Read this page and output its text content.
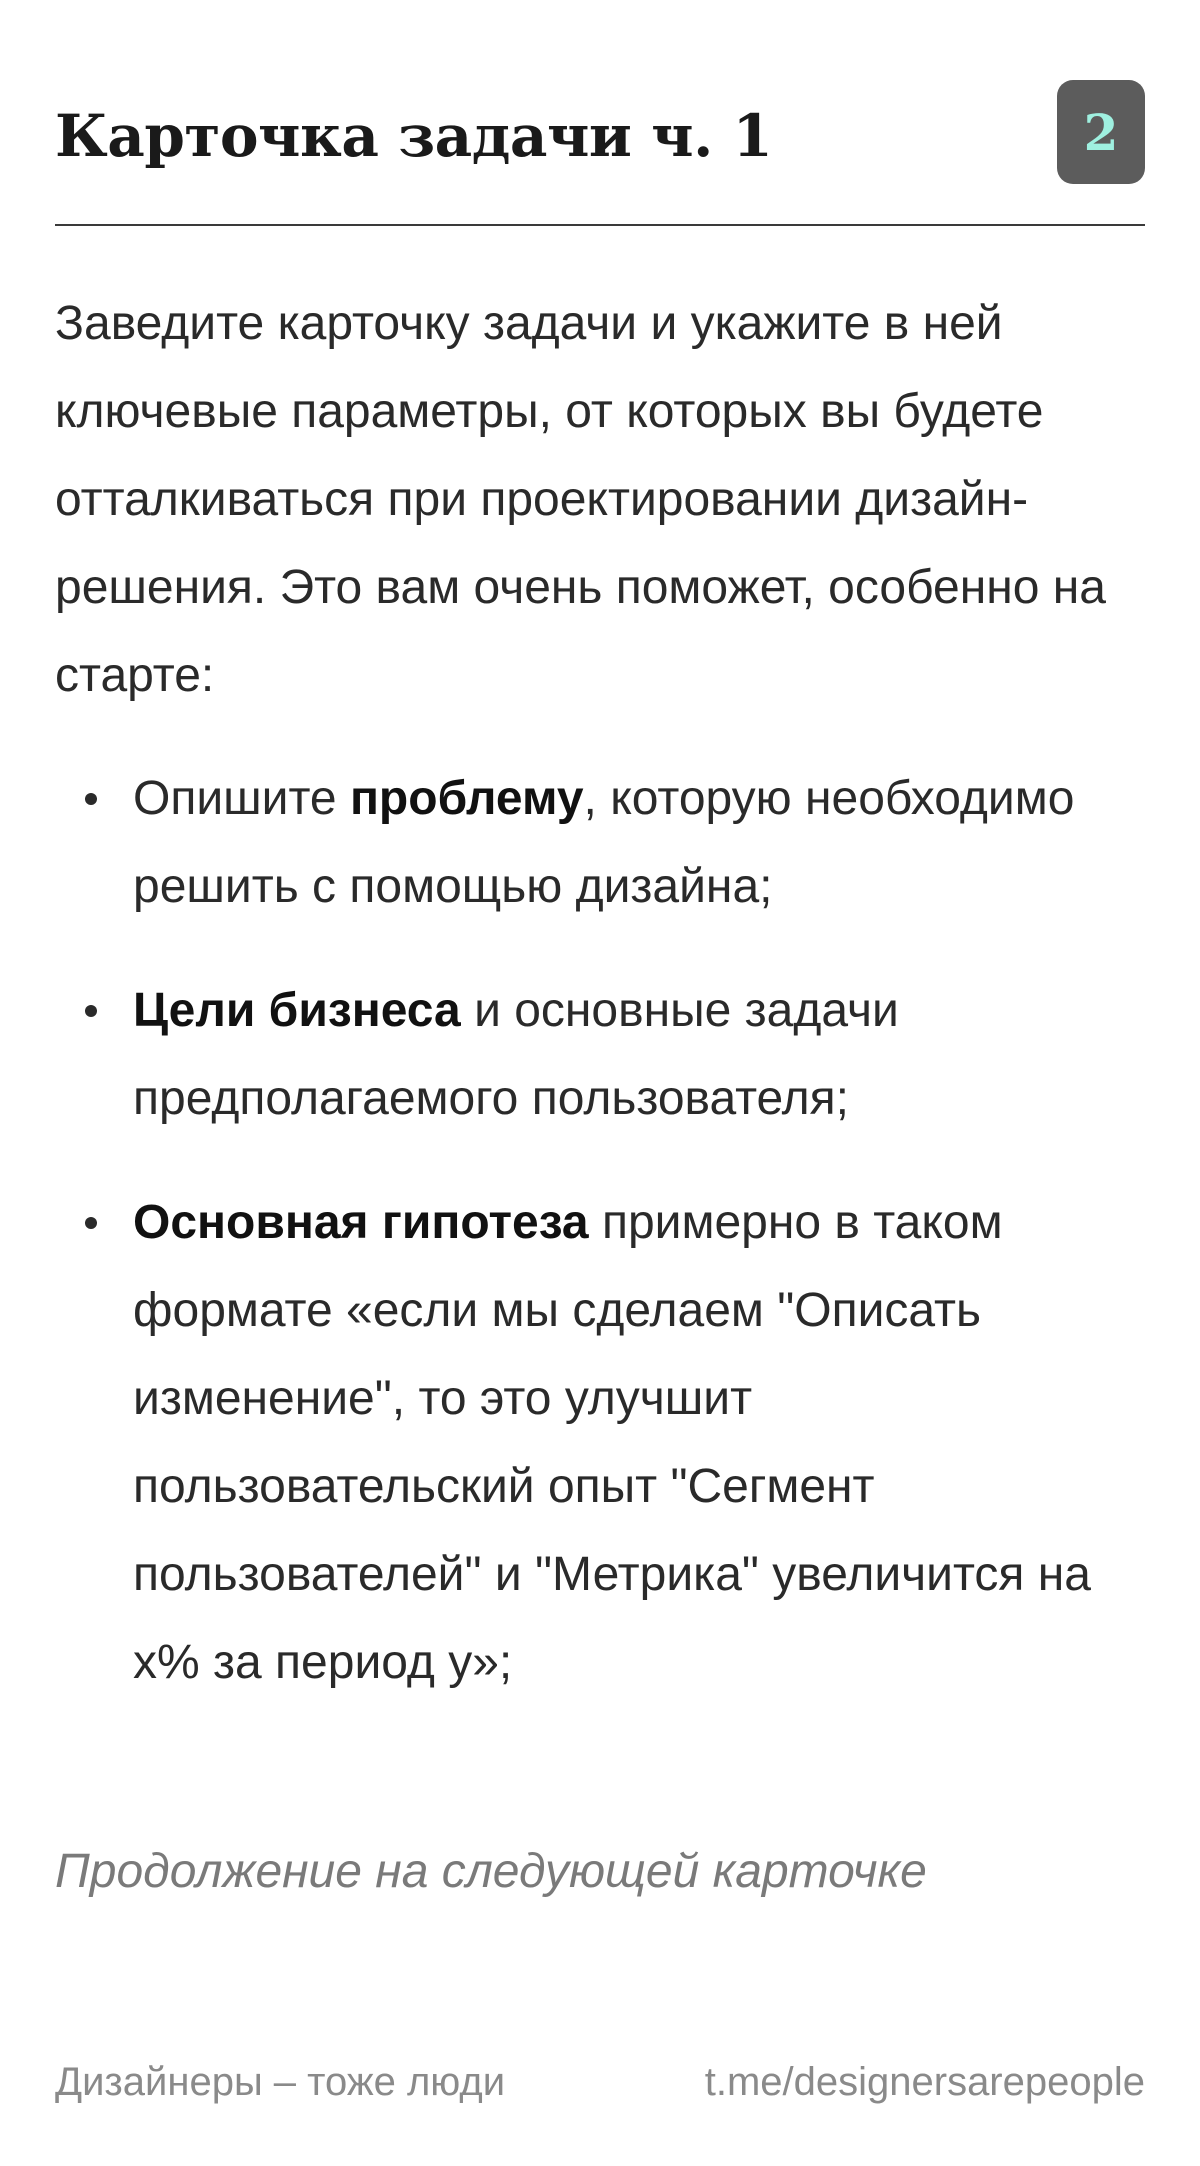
Карточка задачи ч. 1	2
Заведите карточку задачи и укажите в ней ключевые параметры, от которых вы будете отталкиваться при проектировании дизайн-решения. Это вам очень поможет, особенно на старте:
Опишите проблему, которую необходимо решить с помощью дизайна;
Цели бизнеса и основные задачи предполагаемого пользователя;
Основная гипотеза примерно в таком формате «если мы сделаем "Описать изменение", то это улучшит пользовательский опыт "Сегмент пользователей" и "Метрика" увеличится на x% за период y»;
Продолжение на следующей карточке
Дизайнеры – тоже люди	t.me/designersarepeople
